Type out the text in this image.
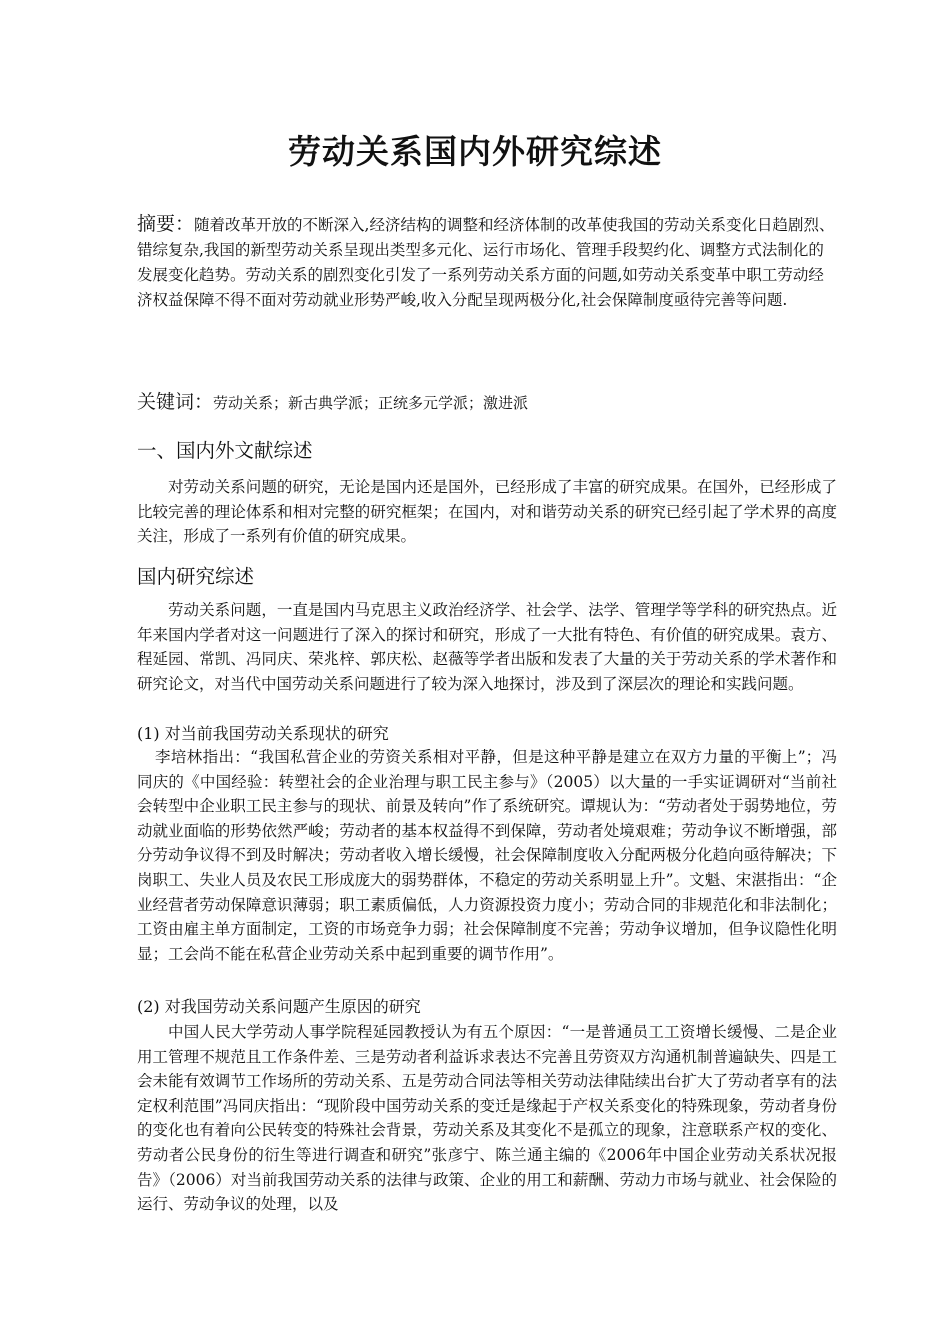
劳动关系国内外研究综述
摘要：随着改革开放的不断深入,经济结构的调整和经济体制的改革使我国的劳动关系变化日趋剧烈、错综复杂,我国的新型劳动关系呈现出类型多元化、运行市场化、管理手段契约化、调整方式法制化的发展变化趋势。劳动关系的剧烈变化引发了一系列劳动关系方面的问题,如劳动关系变革中职工劳动经济权益保障不得不面对劳动就业形势严峻,收入分配呈现两极分化,社会保障制度亟待完善等问题.
关键词：劳动关系；新古典学派；正统多元学派；激进派
一、国内外文献综述
对劳动关系问题的研究，无论是国内还是国外，已经形成了丰富的研究成果。在国外，已经形成了比较完善的理论体系和相对完整的研究框架；在国内，对和谐劳动关系的研究已经引起了学术界的高度关注，形成了一系列有价值的研究成果。
国内研究综述
劳动关系问题，一直是国内马克思主义政治经济学、社会学、法学、管理学等学科的研究热点。近年来国内学者对这一问题进行了深入的探讨和研究，形成了一大批有特色、有价值的研究成果。袁方、程延园、常凯、冯同庆、荣兆梓、郭庆松、赵薇等学者出版和发表了大量的关于劳动关系的学术著作和研究论文，对当代中国劳动关系问题进行了较为深入地探讨，涉及到了深层次的理论和实践问题。
(1) 对当前我国劳动关系现状的研究
李培林指出：“我国私营企业的劳资关系相对平静，但是这种平静是建立在双方力量的平衡上”；冯同庆的《中国经验：转塑社会的企业治理与职工民主参与》（2005）以大量的一手实证调研对“当前社会转型中企业职工民主参与的现状、前景及转向”作了系统研究。谭规认为：“劳动者处于弱势地位，劳动就业面临的形势依然严峻；劳动者的基本权益得不到保障，劳动者处境艰难；劳动争议不断增强，部分劳动争议得不到及时解决；劳动者收入增长缓慢，社会保障制度收入分配两极分化趋向亟待解决；下岗职工、失业人员及农民工形成庞大的弱势群体，不稳定的劳动关系明显上升”。文魁、宋湛指出：“企业经营者劳动保障意识薄弱；职工素质偏低，人力资源投资力度小；劳动合同的非规范化和非法制化；工资由雇主单方面制定，工资的市场竞争力弱；社会保障制度不完善；劳动争议增加，但争议隐性化明显；工会尚不能在私营企业劳动关系中起到重要的调节作用”。
(2) 对我国劳动关系问题产生原因的研究
中国人民大学劳动人事学院程延园教授认为有五个原因：“一是普通员工工资增长缓慢、二是企业用工管理不规范且工作条件差、三是劳动者利益诉求表达不完善且劳资双方沟通机制普遍缺失、四是工会未能有效调节工作场所的劳动关系、五是劳动合同法等相关劳动法律陆续出台扩大了劳动者享有的法定权利范围”冯同庆指出：“现阶段中国劳动关系的变迁是缘起于产权关系变化的特殊现象，劳动者身份的变化也有着向公民转变的特殊社会背景，劳动关系及其变化不是孤立的现象，注意联系产权的变化、劳动者公民身份的衍生等进行调查和研究”张彦宁、陈兰通主编的《2006年中国企业劳动关系状况报告》（2006）对当前我国劳动关系的法律与政策、企业的用工和薪酬、劳动力市场与就业、社会保险的运行、劳动争议的处理，以及
